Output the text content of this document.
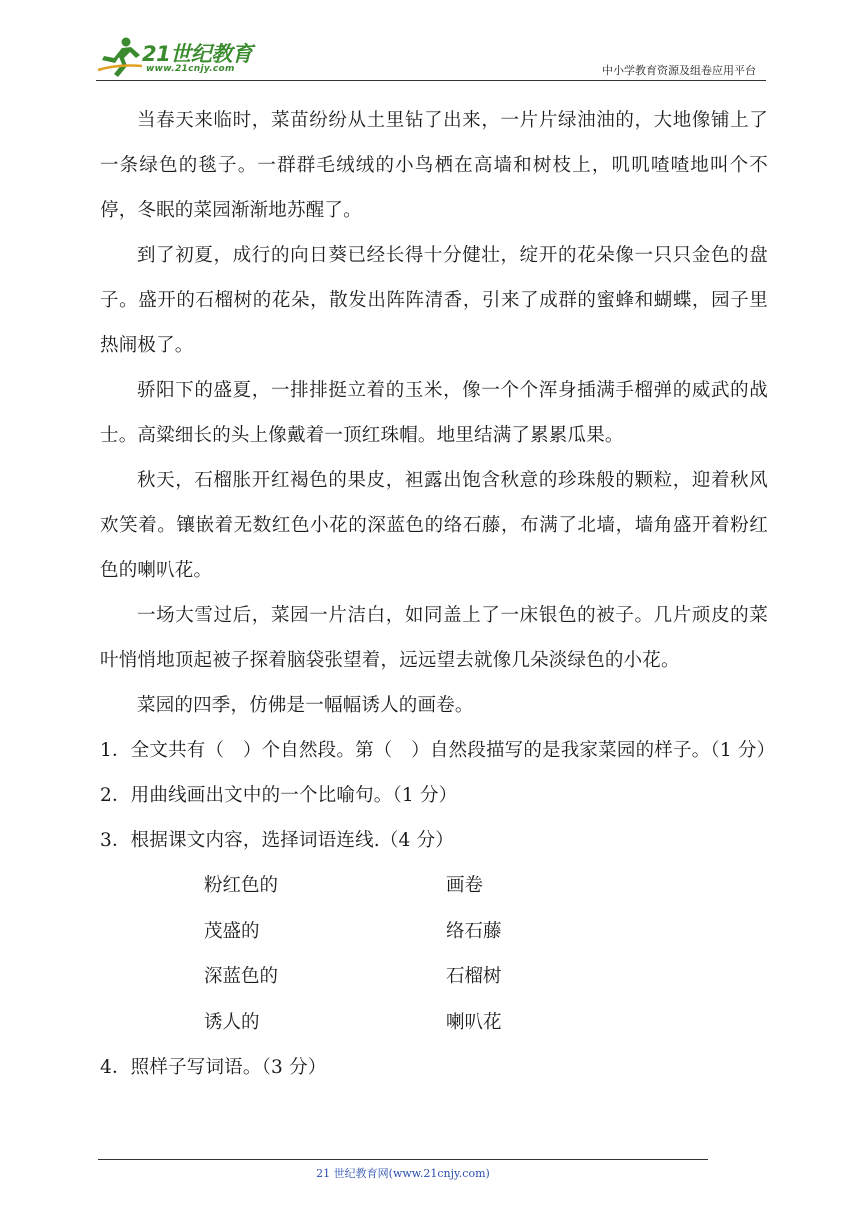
21世纪教育
www.21cnjy.com	中小学教育资源及组卷应用平台

当春天来临时，菜苗纷纷从土里钻了出来，一片片绿油油的，大地像铺上了一条绿色的毯子。一群群毛绒绒的小鸟栖在高墙和树枝上，叽叽喳喳地叫个不停，冬眠的菜园渐渐地苏醒了。

到了初夏，成行的向日葵已经长得十分健壮，绽开的花朵像一只只金色的盘子。盛开的石榴树的花朵，散发出阵阵清香，引来了成群的蜜蜂和蝴蝶，园子里热闹极了。

骄阳下的盛夏，一排排挺立着的玉米，像一个个浑身插满手榴弹的威武的战士。高粱细长的头上像戴着一顶红珠帽。地里结满了累累瓜果。

秋天，石榴胀开红褐色的果皮，袒露出饱含秋意的珍珠般的颗粒，迎着秋风欢笑着。镶嵌着无数红色小花的深蓝色的络石藤，布满了北墙，墙角盛开着粉红色的喇叭花。

一场大雪过后，菜园一片洁白，如同盖上了一床银色的被子。几片顽皮的菜叶悄悄地顶起被子探着脑袋张望着，远远望去就像几朵淡绿色的小花。

菜园的四季，仿佛是一幅幅诱人的画卷。

1．全文共有（　）个自然段。第（　）自然段描写的是我家菜园的样子。（1 分）

2．用曲线画出文中的一个比喻句。（1 分）

3．根据课文内容，选择词语连线.（4 分）

粉红色的	画卷
茂盛的	络石藤
深蓝色的	石榴树
诱人的	喇叭花

4．照样子写词语。（3 分）

21 世纪教育网(www.21cnjy.com)
